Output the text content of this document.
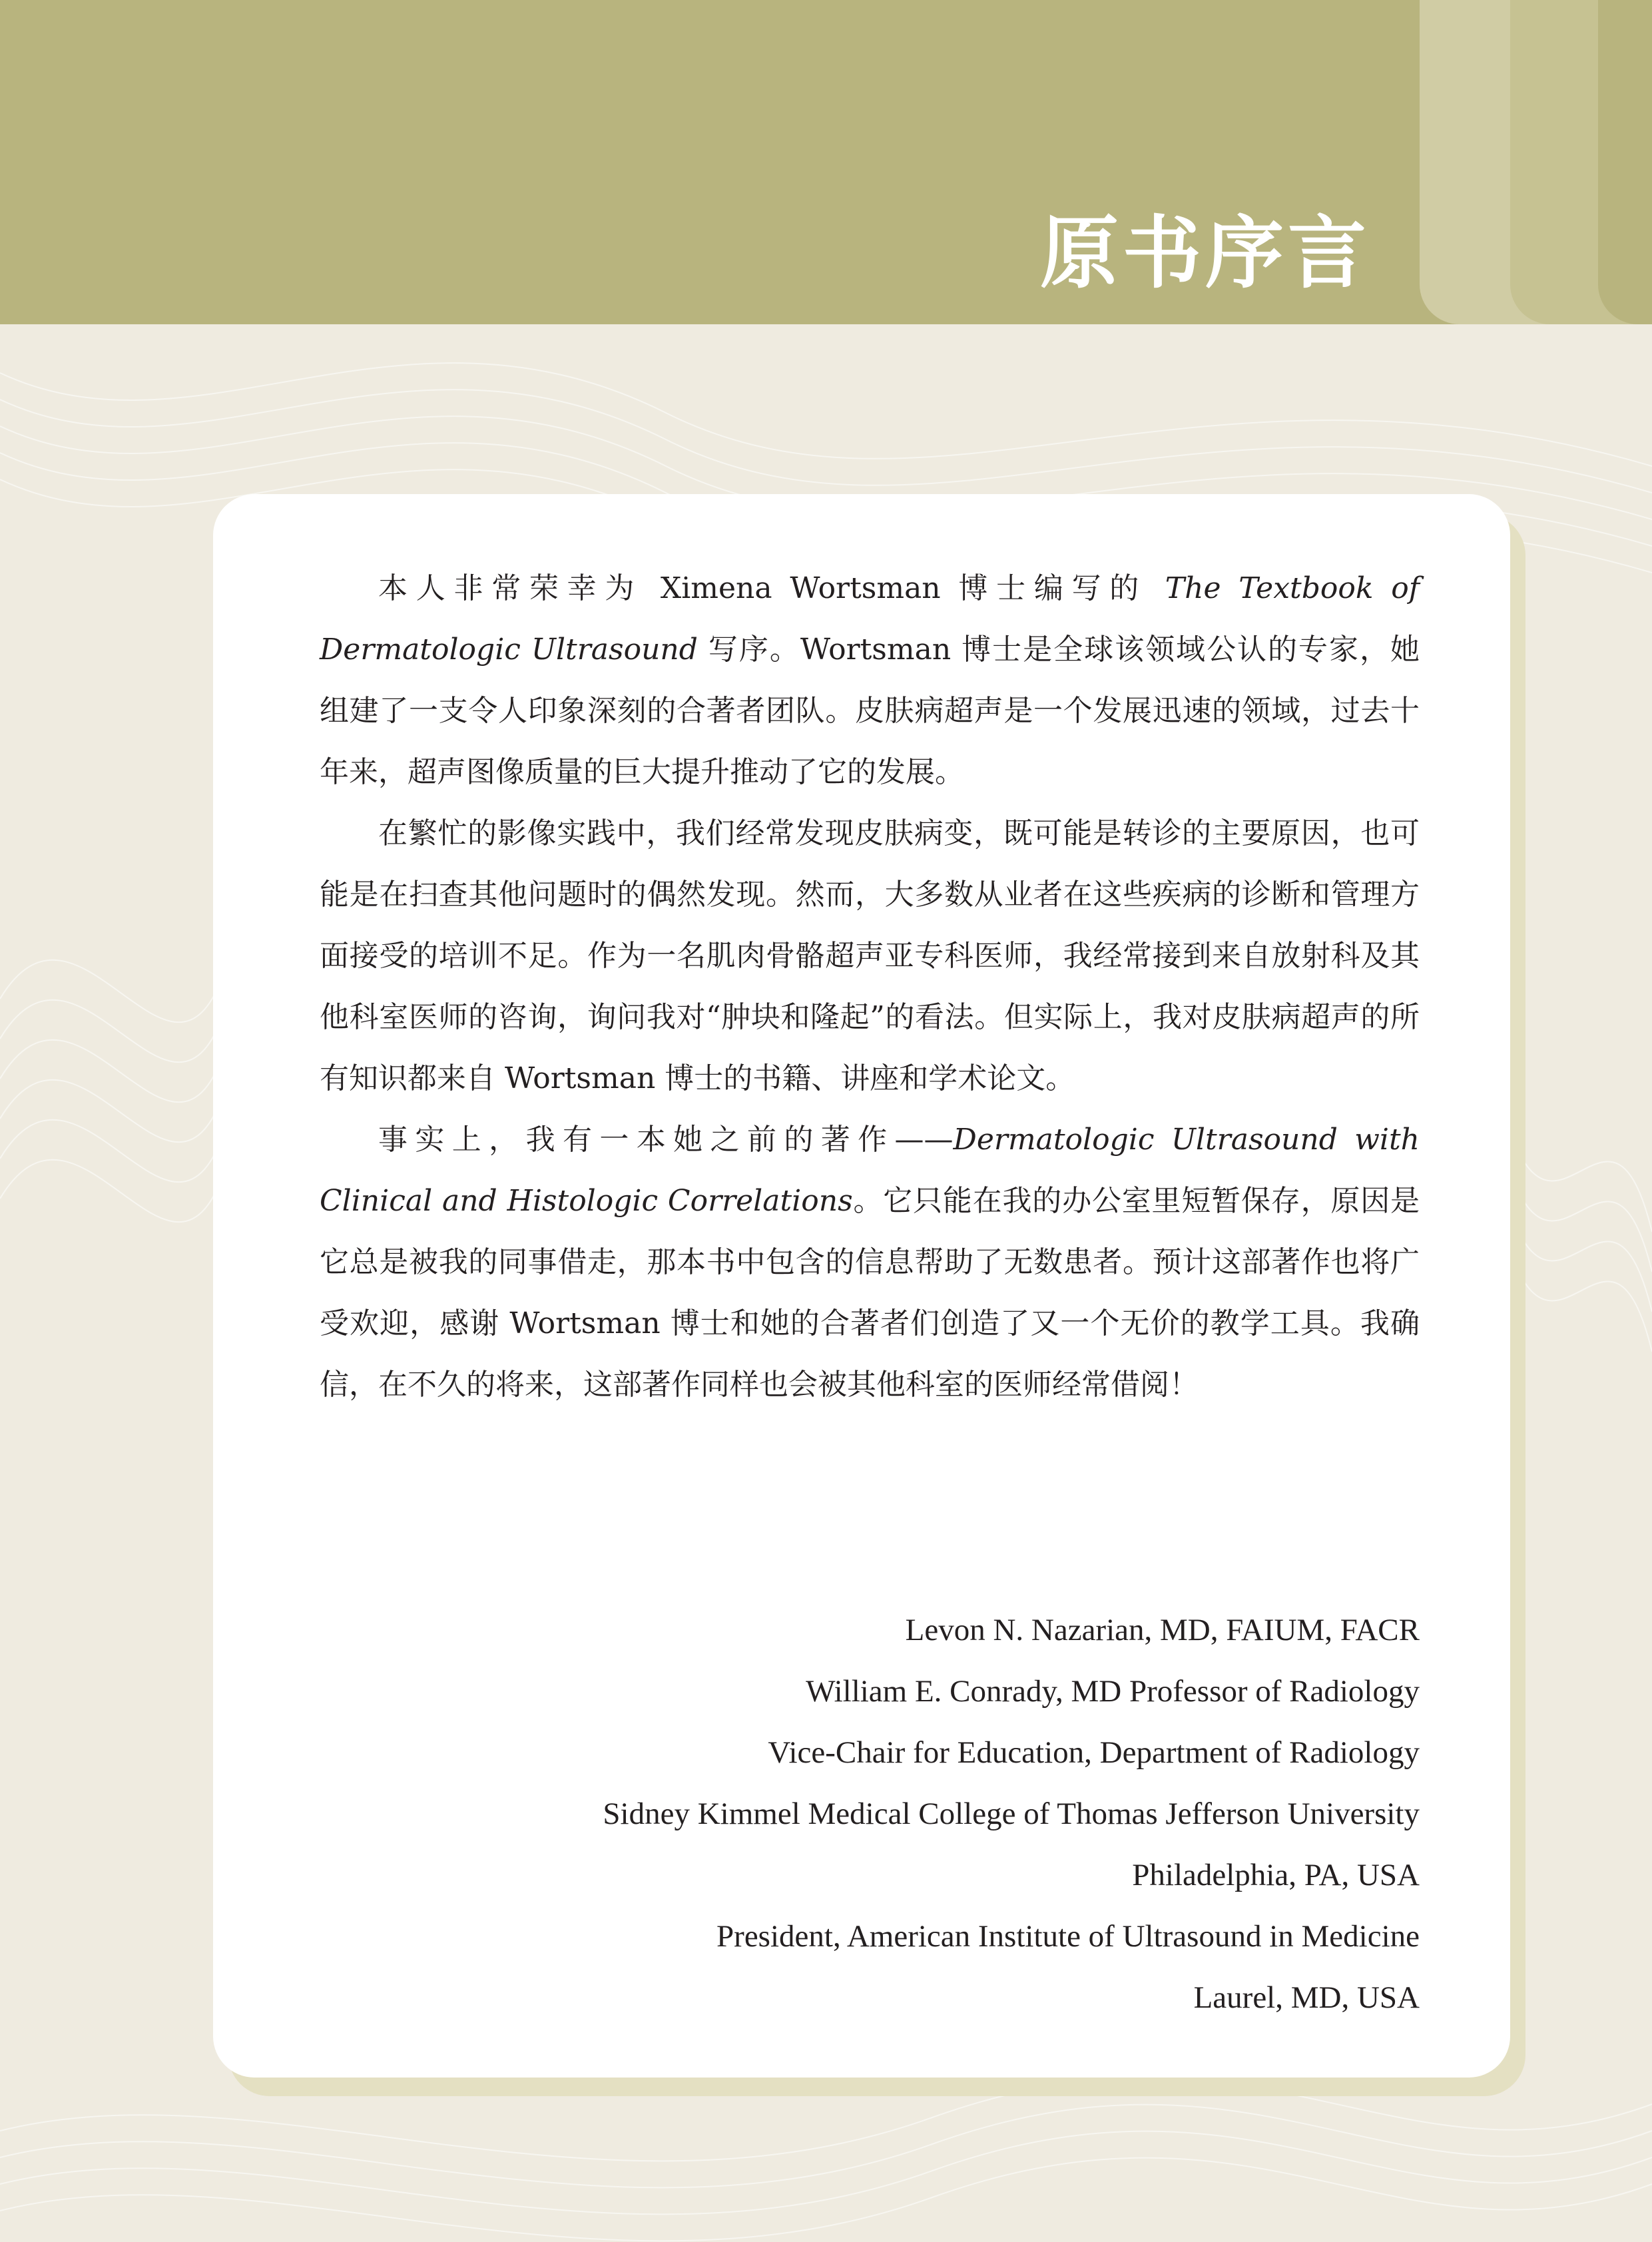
原书序言

本人非常荣幸为 Ximena Wortsman 博士编写的 The Textbook of Dermatologic Ultrasound 写序。Wortsman 博士是全球该领域公认的专家，她组建了一支令人印象深刻的合著者团队。皮肤病超声是一个发展迅速的领域，过去十年来，超声图像质量的巨大提升推动了它的发展。

在繁忙的影像实践中，我们经常发现皮肤病变，既可能是转诊的主要原因，也可能是在扫查其他问题时的偶然发现。然而，大多数从业者在这些疾病的诊断和管理方面接受的培训不足。作为一名肌肉骨骼超声亚专科医师，我经常接到来自放射科及其他科室医师的咨询，询问我对“肿块和隆起”的看法。但实际上，我对皮肤病超声的所有知识都来自 Wortsman 博士的书籍、讲座和学术论文。

事实上，我有一本她之前的著作——Dermatologic Ultrasound with Clinical and Histologic Correlations。它只能在我的办公室里短暂保存，原因是它总是被我的同事借走，那本书中包含的信息帮助了无数患者。预计这部著作也将广受欢迎，感谢 Wortsman 博士和她的合著者们创造了又一个无价的教学工具。我确信，在不久的将来，这部著作同样也会被其他科室的医师经常借阅！

Levon N. Nazarian, MD, FAIUM, FACR
William E. Conrady, MD Professor of Radiology
Vice-Chair for Education, Department of Radiology
Sidney Kimmel Medical College of Thomas Jefferson University
Philadelphia, PA, USA
President, American Institute of Ultrasound in Medicine
Laurel, MD, USA
